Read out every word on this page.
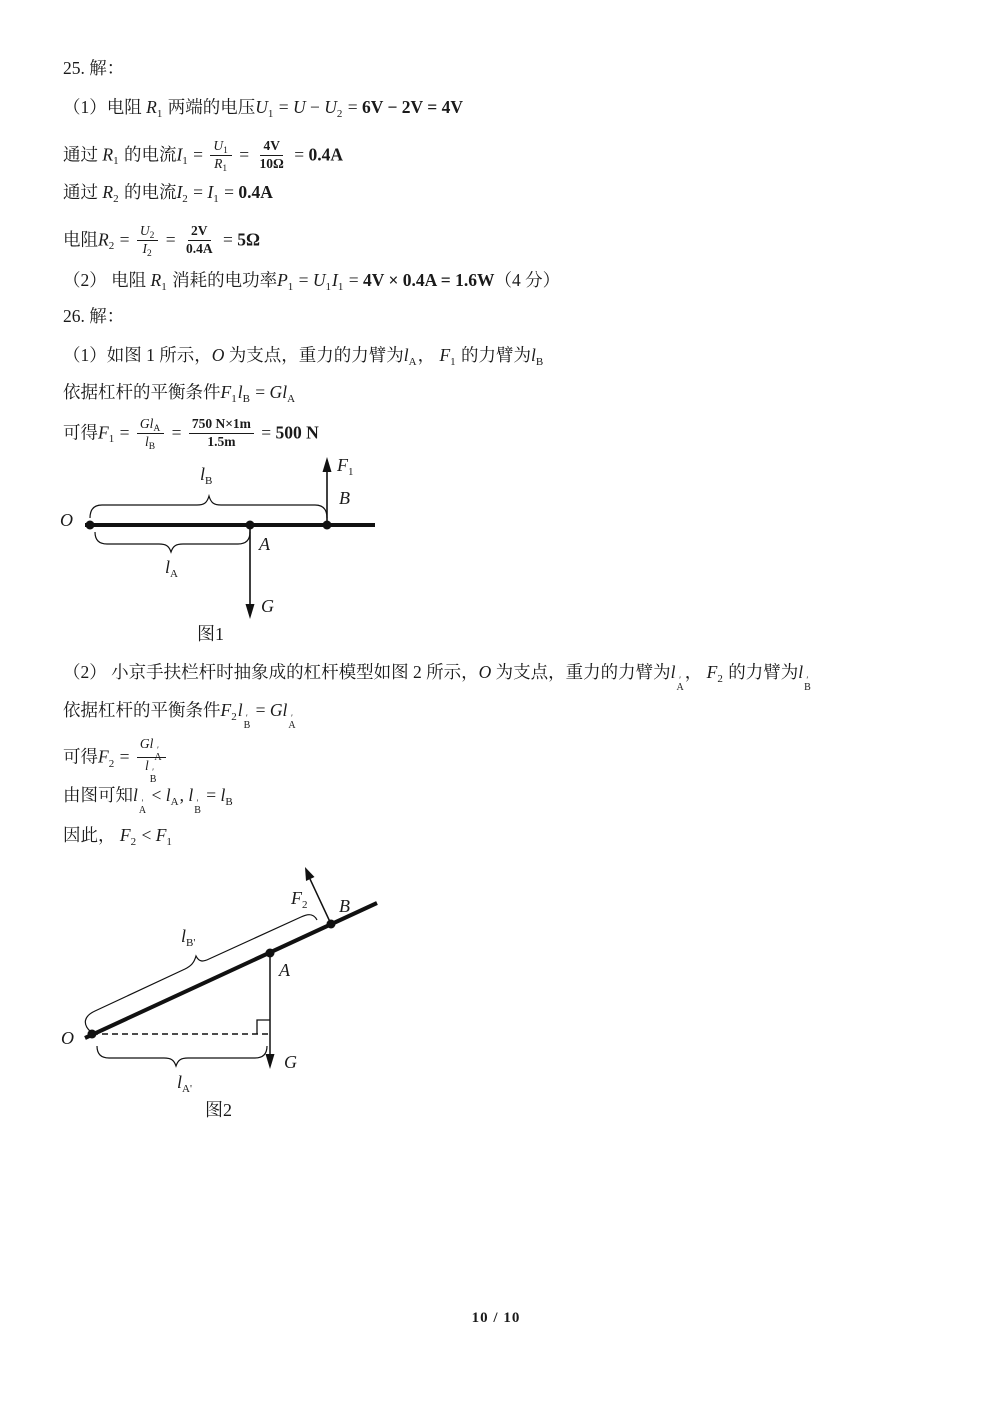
25. 解：
（1）电阻 $R_1$ 两端的电压$U_1 = U - U_2 = 6V - 2V = 4V$
通过 $R_1$ 的电流$I_1 = \frac{U_1}{R_1} = \frac{4V}{10\Omega} = 0.4A$
通过 $R_2$ 的电流$I_2 = I_1 = 0.4A$
电阻$R_2 = \frac{U_2}{I_2} = \frac{2V}{0.4A} = 5\Omega$
（2） 电阻 $R_1$ 消耗的电功率$P_1 = U_1I_1 = 4V \times 0.4A = 1.6W(4$ 分）
26. 解：
（1）如图 1 所示，O 为支点，重力的力臂为$l_A$， $F_1$ 的力臂为$l_B$
依据杠杆的平衡条件$F_1l_B = Gl_A$
可得$F_1 = \frac{Gl_A}{l_B} = \frac{750 N\times 1m}{1.5m} = 500$ N
O
$l_B$
$F_1$
B
A
$l_A$
G
图1
（2） 小京手扶栏杆时抽象成的杠杆模型如图 2 所示，O 为支点，重力的力臂为l ′
A
， $F_2$ 的力臂为l ′
B
依据杠杆的平衡条件$F_2l$ ′
B
= Gl ′
A
可得$F_2 = Gl$ ′
A
l ′
B
由图可知l ′
A
< $l_A$, l ′
B
= $l_B$
因此， $F_2 < F_1$
O
$l_{B'}$
$F_2$ B
A
G
$l_{A'}$
图2
10 / 10
